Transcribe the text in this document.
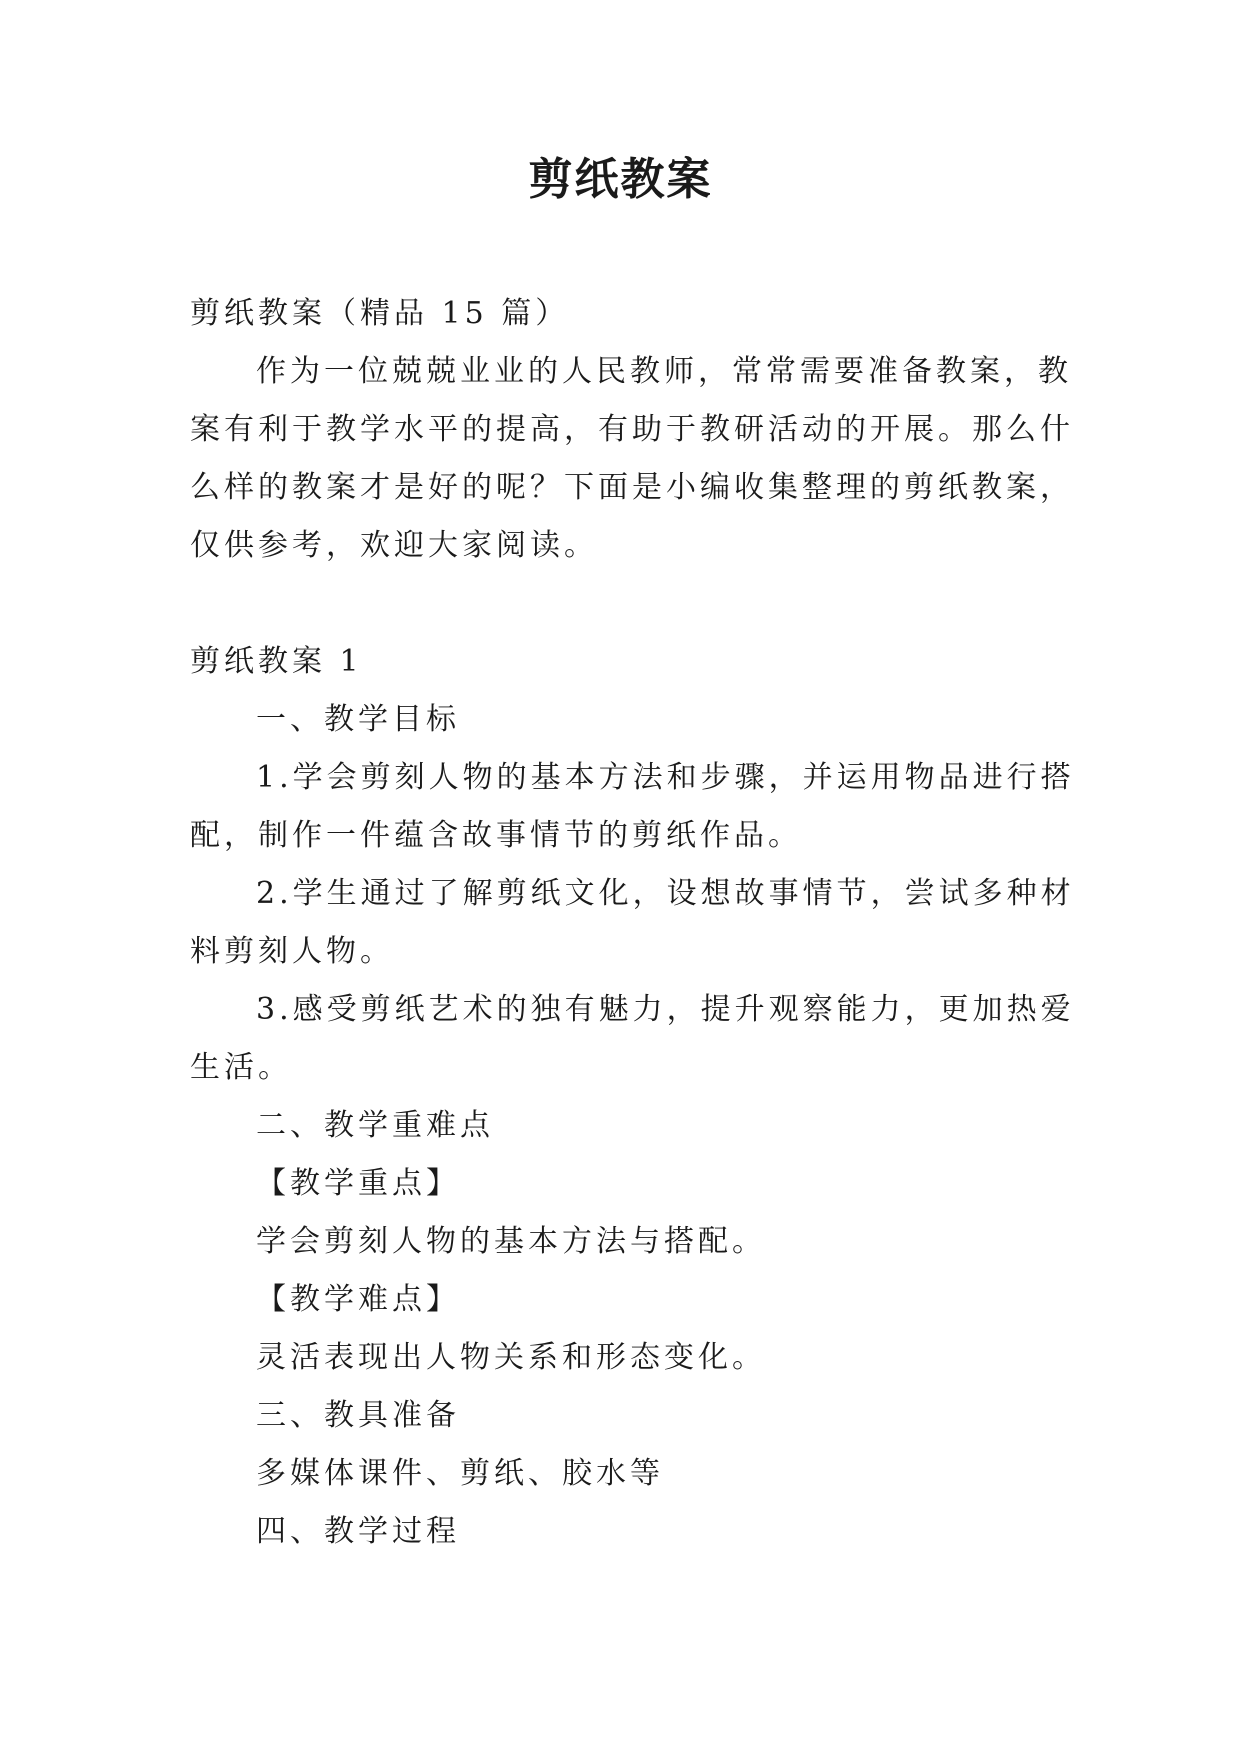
剪纸教案
剪纸教案（精品 15 篇）
作为一位兢兢业业的人民教师，常常需要准备教案，教
案有利于教学水平的提高，有助于教研活动的开展。那么什
么样的教案才是好的呢？下面是小编收集整理的剪纸教案，
仅供参考，欢迎大家阅读。
剪纸教案 1
一、教学目标
1.学会剪刻人物的基本方法和步骤，并运用物品进行搭
配，制作一件蕴含故事情节的剪纸作品。
2.学生通过了解剪纸文化，设想故事情节，尝试多种材
料剪刻人物。
3.感受剪纸艺术的独有魅力，提升观察能力，更加热爱
生活。
二、教学重难点
【教学重点】
学会剪刻人物的基本方法与搭配。
【教学难点】
灵活表现出人物关系和形态变化。
三、教具准备
多媒体课件、剪纸、胶水等
四、教学过程
